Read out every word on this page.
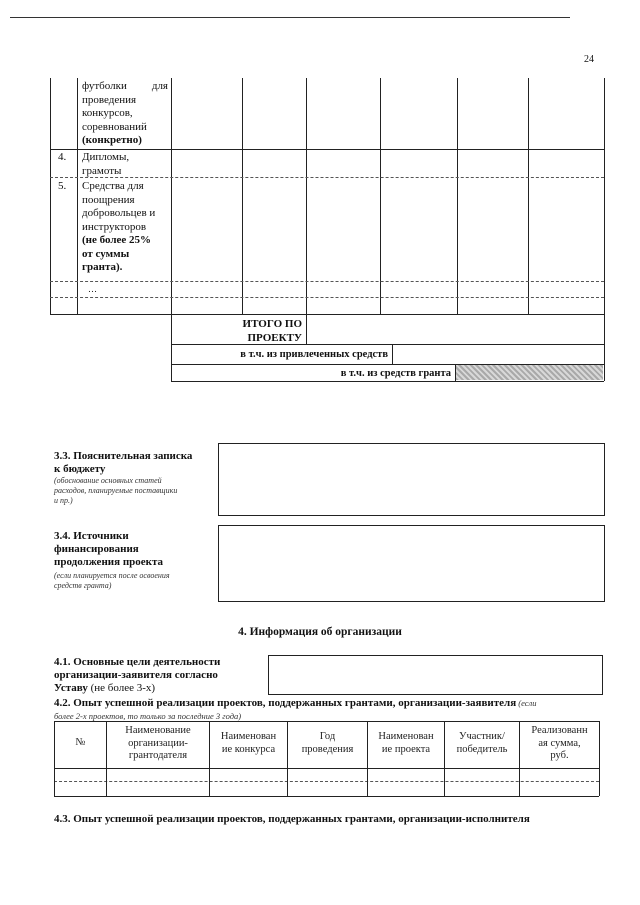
24
футболки для
проведения
конкурсов,
соревнований
(конкретно)
4. Дипломы,
грамоты
5. Средства для
поощрения
добровольцев и
инструкторов
(не более 25%
от суммы
гранта).
…
ИТОГО ПО
ПРОЕКТУ
в т.ч. из привлеченных средств
в т.ч. из средств гранта
3.3. Пояснительная записка
к бюджету
(обоснование основных статей
расходов, планируемые поставщики
и пр.)
3.4. Источники
финансирования
продолжения проекта
(если планируется после освоения
средств гранта)
4. Информация об организации
4.1. Основные цели деятельности
организации-заявителя согласно
Уставу (не более 3-х)
4.2. Опыт успешной реализации проектов, поддержанных грантами, организации-заявителя (если
более 2-х проектов, то только за последние 3 года)
№
Наименование
организации-
грантодателя
Наименован
ие конкурса
Год
проведения
Наименован
ие проекта
Участник/
победитель
Реализованн
ая сумма,
руб.
4.3. Опыт успешной реализации проектов, поддержанных грантами, организации-исполнителя
